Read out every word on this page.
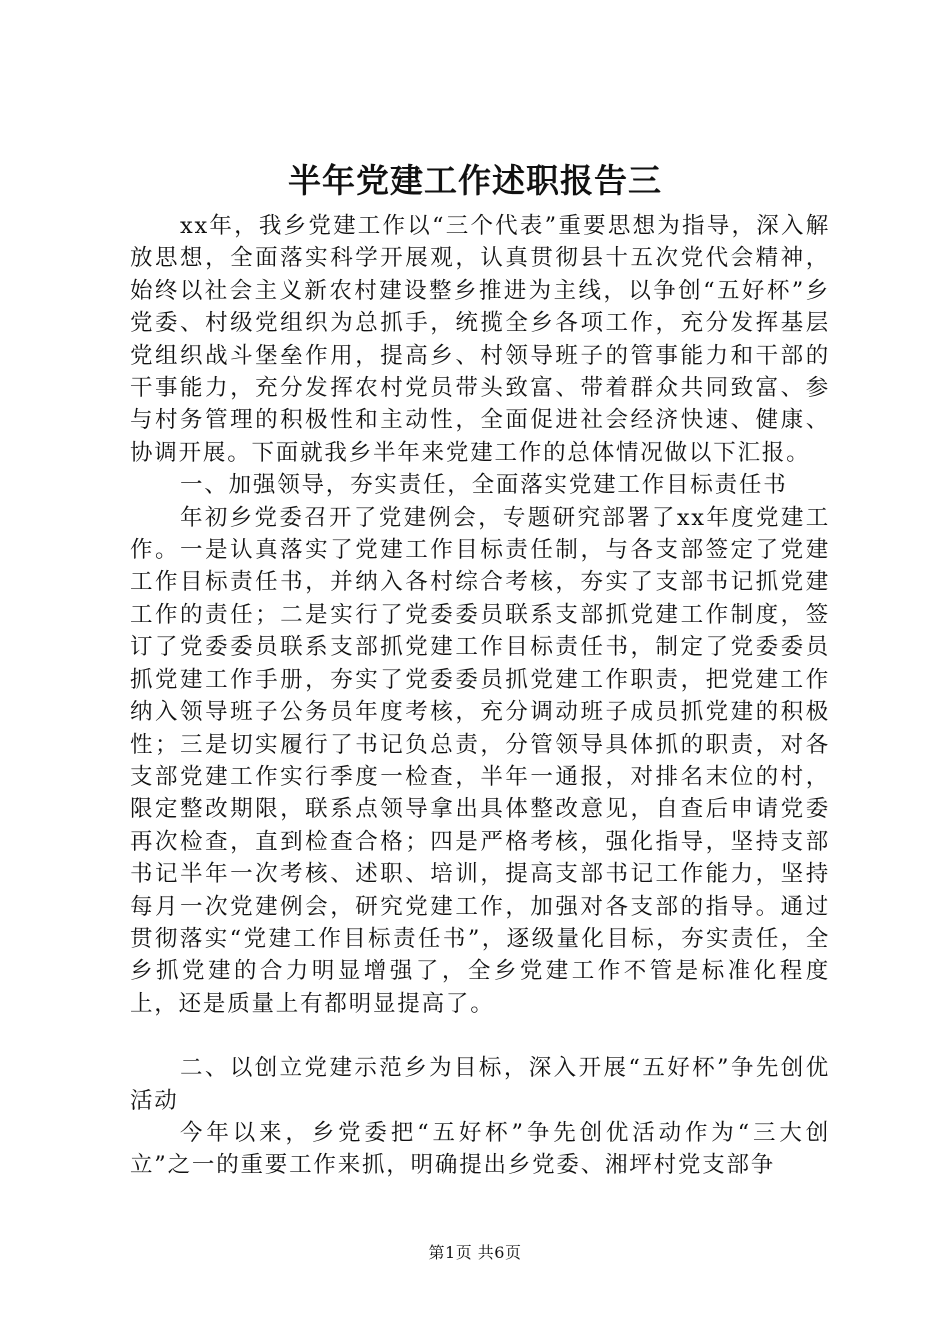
半年党建工作述职报告三

xx年，我乡党建工作以“三个代表”重要思想为指导，深入解放思想，全面落实科学开展观，认真贯彻县十五次党代会精神，始终以社会主义新农村建设整乡推进为主线，以争创“五好杯”乡党委、村级党组织为总抓手，统揽全乡各项工作，充分发挥基层党组织战斗堡垒作用，提高乡、村领导班子的管事能力和干部的干事能力，充分发挥农村党员带头致富、带着群众共同致富、参与村务管理的积极性和主动性，全面促进社会经济快速、健康、协调开展。下面就我乡半年来党建工作的总体情况做以下汇报。

一、加强领导，夯实责任，全面落实党建工作目标责任书

年初乡党委召开了党建例会，专题研究部署了xx年度党建工作。一是认真落实了党建工作目标责任制，与各支部签定了党建工作目标责任书，并纳入各村综合考核，夯实了支部书记抓党建工作的责任；二是实行了党委委员联系支部抓党建工作制度，签订了党委委员联系支部抓党建工作目标责任书，制定了党委委员抓党建工作手册，夯实了党委委员抓党建工作职责，把党建工作纳入领导班子公务员年度考核，充分调动班子成员抓党建的积极性；三是切实履行了书记负总责，分管领导具体抓的职责，对各支部党建工作实行季度一检查，半年一通报，对排名末位的村，限定整改期限，联系点领导拿出具体整改意见，自查后申请党委再次检查，直到检查合格；四是严格考核，强化指导，坚持支部书记半年一次考核、述职、培训，提高支部书记工作能力，坚持每月一次党建例会，研究党建工作，加强对各支部的指导。通过贯彻落实“党建工作目标责任书”，逐级量化目标，夯实责任，全乡抓党建的合力明显增强了，全乡党建工作不管是标准化程度上，还是质量上有都明显提高了。

二、以创立党建示范乡为目标，深入开展“五好杯”争先创优活动

今年以来，乡党委把“五好杯”争先创优活动作为“三大创立”之一的重要工作来抓，明确提出乡党委、湘坪村党支部争

第1页 共6页
